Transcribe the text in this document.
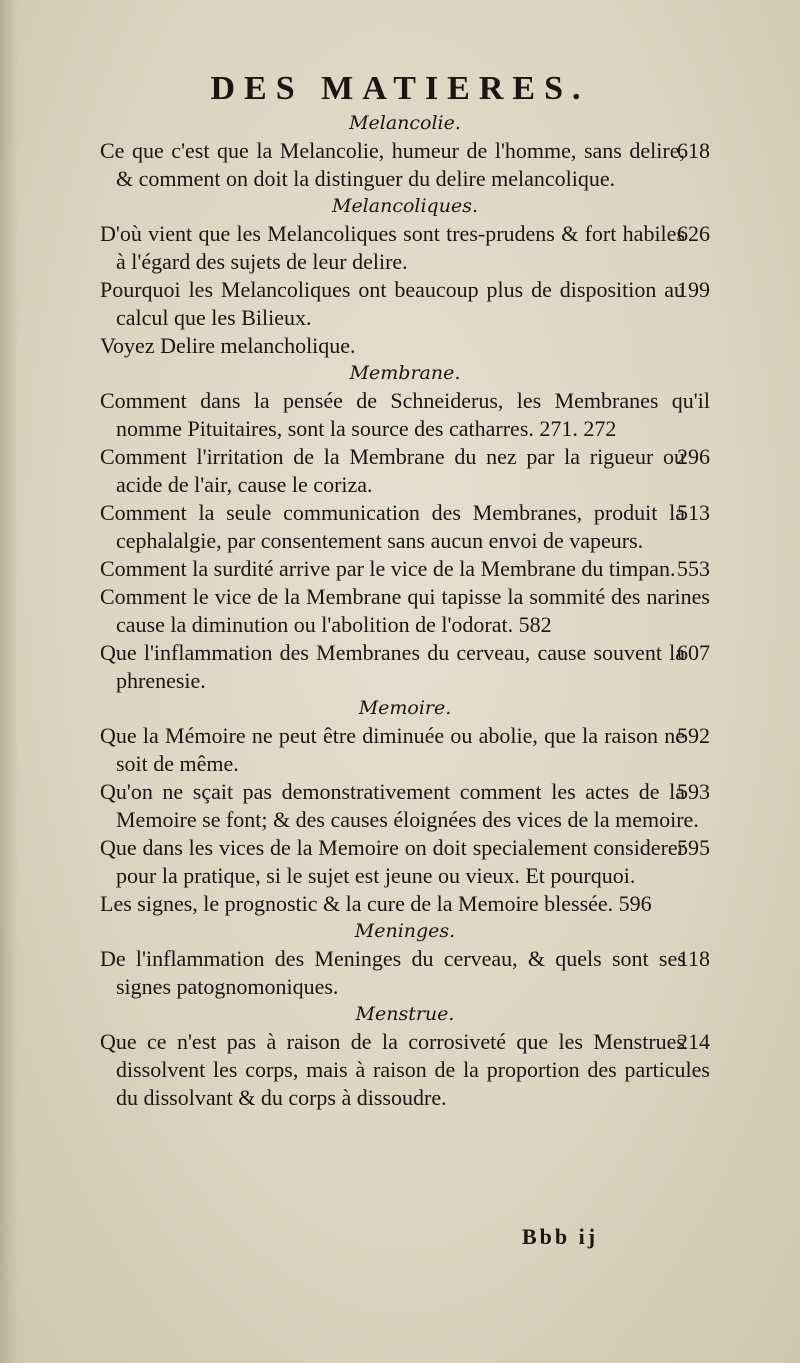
DES MATIERES.

Melancolie.

618
Ce que c'est que la Melancolie, humeur de l'homme, sans delire, & comment on doit la distinguer du delire melancolique.

Melancoliques.

626
D'où vient que les Melancoliques sont tres-prudens & fort habiles à l'égard des sujets de leur delire.

199
Pourquoi les Melancoliques ont beaucoup plus de disposition au calcul que les Bilieux.

Voyez Delire melancholique.

Membrane.

Comment dans la pensée de Schneiderus, les Membranes qu'il nomme Pituitaires, sont la source des catharres. 271. 272

296
Comment l'irritation de la Membrane du nez par la rigueur ou acide de l'air, cause le coriza.

513
Comment la seule communication des Membranes, produit la cephalalgie, par consentement sans aucun envoi de vapeurs.

553
Comment la surdité arrive par le vice de la Membrane du timpan.

Comment le vice de la Membrane qui tapisse la sommité des narines cause la diminution ou l'abolition de l'odorat. 582

607
Que l'inflammation des Membranes du cerveau, cause souvent la phrenesie.

Memoire.

592
Que la Mémoire ne peut être diminuée ou abolie, que la raison ne soit de même.

593
Qu'on ne sçait pas demonstrativement comment les actes de la Memoire se font; & des causes éloignées des vices de la memoire.

595
Que dans les vices de la Memoire on doit specialement considerer pour la pratique, si le sujet est jeune ou vieux. Et pourquoi.

Les signes, le prognostic & la cure de la Memoire blessée. 596

Meninges.

118
De l'inflammation des Meninges du cerveau, & quels sont ses signes patognomoniques.

Menstrue.

214
Que ce n'est pas à raison de la corrosiveté que les Menstrues dissolvent les corps, mais à raison de la proportion des particules du dissolvant & du corps à dissoudre.

Bbb ij
